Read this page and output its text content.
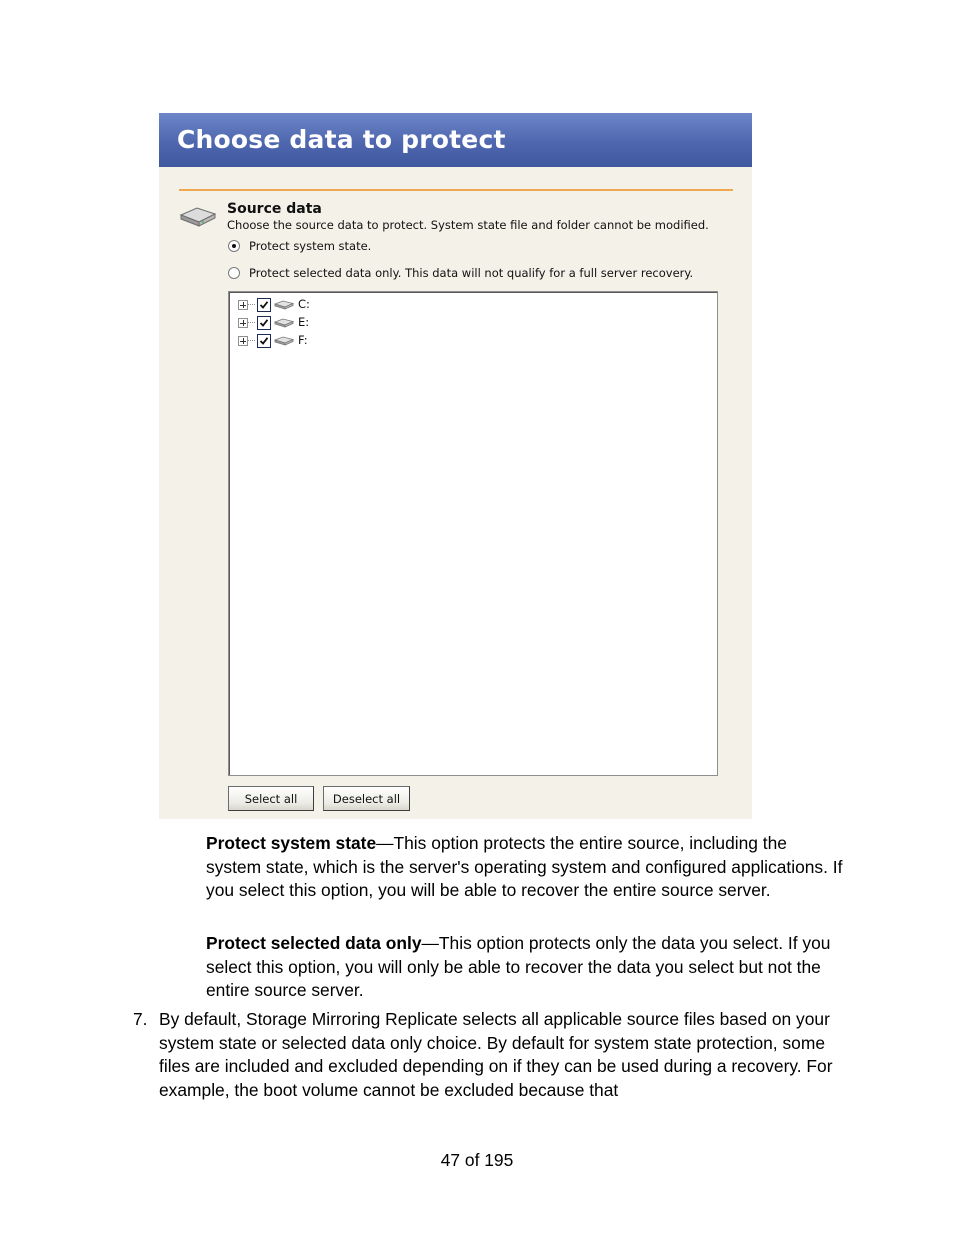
Choose data to protect
Source data
Choose the source data to protect. System state file and folder cannot be modified.
Protect system state.
Protect selected data only. This data will not qualify for a full server recovery.
C:
E:
F:
Select all	Deselect all
Protect system state—This option protects the entire source, including the system state, which is the server's operating system and configured applications. If you select this option, you will be able to recover the entire source server.
Protect selected data only—This option protects only the data you select. If you select this option, you will only be able to recover the data you select but not the entire source server.
7. By default, Storage Mirroring Replicate selects all applicable source files based on your system state or selected data only choice. By default for system state protection, some files are included and excluded depending on if they can be used during a recovery. For example, the boot volume cannot be excluded because that
47 of 195
